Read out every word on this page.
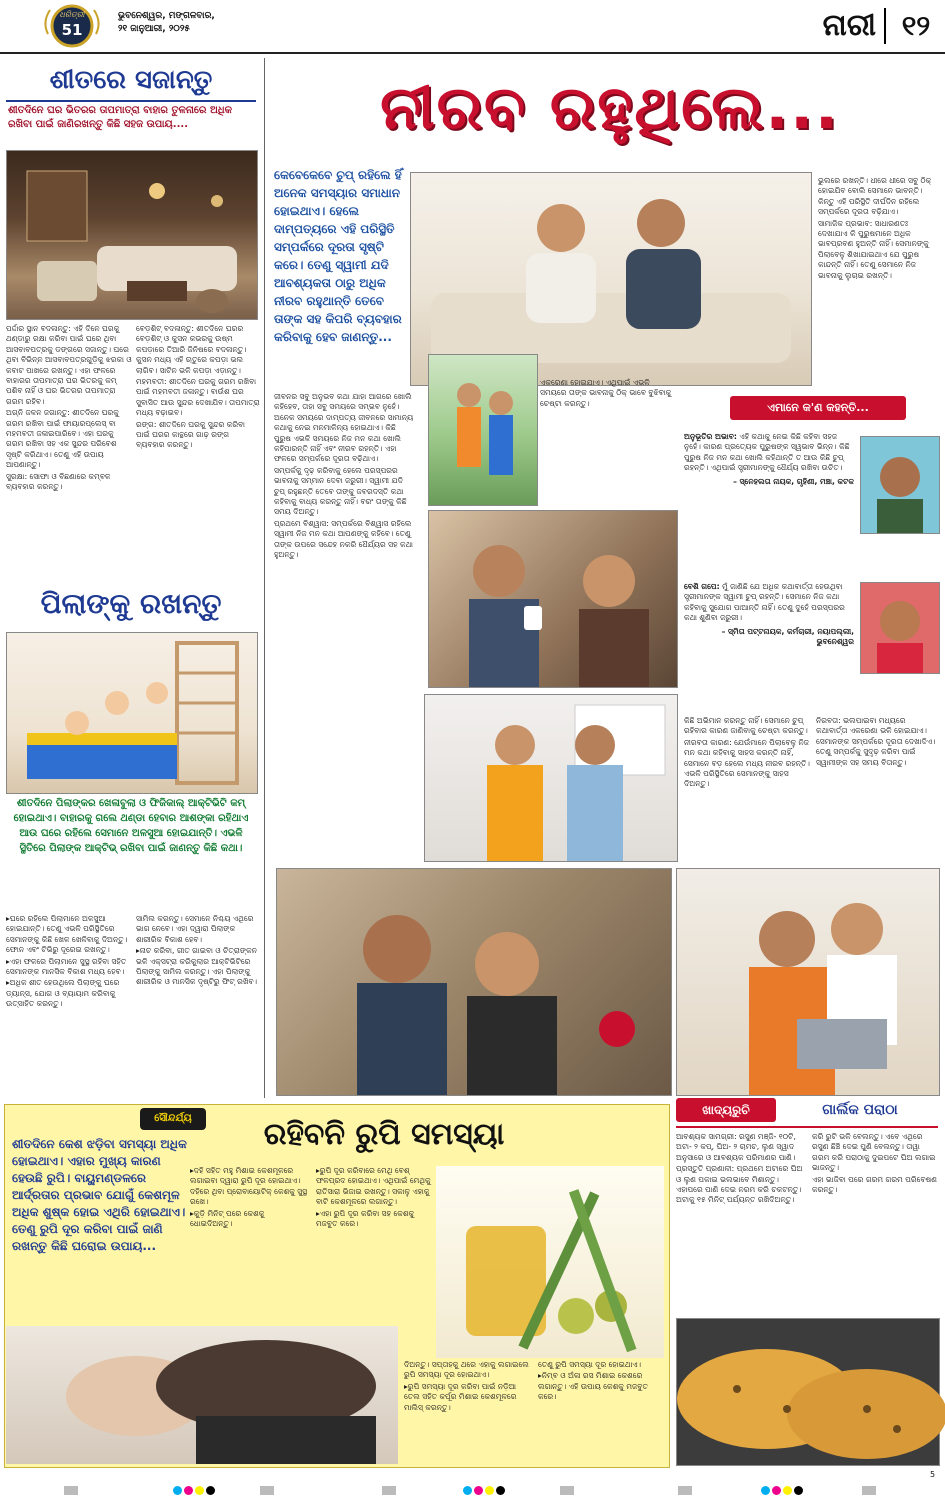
ଧରିତ୍ରୀ
51
ଭୁବନେଶ୍ୱର, ମଙ୍ଗଳବାର,
୨୧ ଜାନୁଆରୀ, ୨୦୨୫	ନାରୀ ୧୨
ଶୀତରେ ସଜାନ୍ତୁ
ଶୀତଦିନେ ଘର ଭିତରର ତାପମାତ୍ରା ବାହାର ତୁଳନାରେ ଅଧିକ ରଖିବା ପାଇଁ ଜାଣିରଖନ୍ତୁ କିଛି ସହଜ ଉପାୟ....

ପର୍ଦ୍ଦାର ସ୍ଥାନ ବଦଳାନ୍ତୁ: ଏହି ଦିନେ ଘରକୁ ଥଣ୍ଡାରୁ ରକ୍ଷା କରିବା ପାଇଁ ଘରେ ଥିବା ଆସବାବପତ୍ରକୁ ଡଙ୍ଗରେ ସଜାନ୍ତୁ। ଘରେ ଥିବା ବିଭିନ୍ନ ଆସବାବପତ୍ରଗୁଡ଼ିକୁ ଝରକା ଓ କବାଟ ପାଖରେ ରଖନ୍ତୁ। ଏହା ଫଳରେ ବାହାରର ତାପମାତ୍ରା ଘର ଭିତରକୁ କମ୍ ପଶିବ ନାହିଁ ଓ ଘର ଭିତରର ତାପମାତ୍ରା ଗରମ ରହିବ।

ଅଗ୍ନି ଜଳନ ଜଗାନ୍ତୁ: ଶୀତଦିନେ ଘରକୁ ଗରମ ରଖିବା ପାଇଁ ଫାୟାରପ୍ଲେସ୍ ବା ମହମବତୀ ଜଳାଇପାରିବେ। ଏହା ଘରକୁ ଗରମ ରଖିବା ସହ ଏକ ସୁନ୍ଦର ପରିବେଶ ସୃଷ୍ଟି କରିଥାଏ। ତେଣୁ ଏହି ଉପାୟ ଆପଣାନ୍ତୁ।

ସୁରକ୍ଷା: ସୋଫା ଓ ବିଛଣାରେ କମ୍ବଳ ବ୍ୟବହାର କରନ୍ତୁ।

ବେଡ଼ଶିଟ୍ ବଦଳାନ୍ତୁ: ଶୀତଦିନେ ଘରର ବେଡ଼ଶିଟ୍ ଓ କୁସନ କଭରକୁ ଉଷ୍ମ କପଡ଼ାରେ ତିଆରି ଜିନିଷରେ ବଦଳାନ୍ତୁ। କୁସନ ମଧ୍ୟ ଏହି ଋତୁରେ କପଡ଼ା ଭଲ ଲାଗିବ। ସାଟିନ ଭଳି କପଡ଼ା ଏଡ଼ାନ୍ତୁ।

ମହମବତୀ: ଶୀତଦିନେ ଘରକୁ ଗରମ ରଖିବା ପାଇଁ ମହମବତୀ ଜଳାନ୍ତୁ। ବାଉଁଶ ଘର ସୁବାସିତ ଆଉ ସୁନ୍ଦର ଦେଖାଯିବ। ତାପମାତ୍ରା ମଧ୍ୟ ବଢ଼ାଇବ।

ରଙ୍ଗ: ଶୀତଦିନେ ଘରକୁ ସୁନ୍ଦର କରିବା ପାଇଁ ଘରର କାନ୍ଥରେ ଗାଢ଼ ରଙ୍ଗ ବ୍ୟବହାର କରନ୍ତୁ।

ପିଲାଙ୍କୁ ରଖନ୍ତୁ
ଶୀତଦିନେ ପିଲାଙ୍କର ଖେଳାବୁଲା ଓ ଫିଜିକାଲ୍ ଆକ୍ଟିଭିଟି କମ୍ ହୋଇଥାଏ। ବାହାରକୁ ଗଲେ ଥଣ୍ଡା ହେବାର ଆଶଙ୍କା ରହିଥାଏ ଆଉ ଘରେ ରହିଲେ ସେମାନେ ଅଳସୁଆ ହୋଇଯାନ୍ତି। ଏଭଳି ସ୍ଥିତିରେ ପିଲାଙ୍କ ଆକ୍ଟିଭ୍ ରଖିବା ପାଇଁ ଜାଣନ୍ତୁ କିଛି କଥା।

▸ଘରେ ରହିଲେ ପିଲାମାନେ ଅଳସୁଆ ହୋଇଯାନ୍ତି। ତେଣୁ ଏଭଳି ପରିସ୍ଥିତିରେ ସେମାନଙ୍କୁ କିଛି ଖେଳ ଖେଳିବାକୁ ଦିଅନ୍ତୁ। ଫୋନ ଏବଂ ଟିଭିରୁ ଦୂରେଇ ରଖନ୍ତୁ।

▸ଏହା ଫଳରେ ପିଲାମାନେ ସୁସ୍ଥ ରହିବା ସହିତ ସେମାନଙ୍କ ମାନସିକ ବିକାଶ ମଧ୍ୟ ହେବ।

▸ଅଧିକ ଶୀତ ହେଉଥିଲେ ପିଲାଙ୍କୁ ଘରେ ଡ୍ୟାନ୍ସ, ଯୋଗ ଓ ବ୍ୟାୟାମ କରିବାକୁ ଉତ୍ସାହିତ କରନ୍ତୁ।

ସାମିଲ କରନ୍ତୁ। ସେମାନେ ନିଶ୍ଚୟ ଏଥିରେ ଭାଗ ନେବେ। ଏହା ଦ୍ୱାରା ପିଲାଙ୍କ ଶାରୀରିକ ବିକାଶ ହେବ।

▸ନାଚ କରିବା, ଗୀତ ଗାଇବା ଓ ଚିତ୍ରାଙ୍କନ ଭଳି ଏକ୍ସଟ୍ରା କରିକୁଲାର ଆକ୍ଟିଭିଟିରେ ପିଲାଙ୍କୁ ସାମିଲ କରନ୍ତୁ। ଏହା ପିଲାଙ୍କୁ ଶାରୀରିକ ଓ ମାନସିକ ଦୃଷ୍ଟିରୁ ଫିଟ୍ ରଖିବ।

ନୀରବ ରହୁଥିଲେ...
କେବେକେବେ ଚୁପ୍ ରହିଲେ ହିଁ ଅନେକ ସମସ୍ୟାର ସମାଧାନ ହୋଇଥାଏ। ହେଲେ ଦାମ୍ପତ୍ୟରେ ଏହି ପରିସ୍ଥିତି ସମ୍ପର୍କରେ ଦୂରତା ସୃଷ୍ଟି କରେ। ତେଣୁ ସ୍ୱାମୀ ଯଦି ଆବଶ୍ୟକତା ଠାରୁ ଅଧିକ ନୀରବ ରହୁଥାନ୍ତି ତେବେ ତାଙ୍କ ସହ କିପରି ବ୍ୟବହାର କରିବାକୁ ହେବ ଜାଣନ୍ତୁ...

ଜୀବନର ସବୁ ଅନୁଭବ କଥା ଯାହା ଆଗରେ ଖୋଲି କହିହେବ, ତାହା ସବୁ ସମୟରେ ସମ୍ଭବ ନୁହେଁ। ଅନେକ ସମୟରେ ଦାମ୍ପତ୍ୟ ଜୀବନରେ ସାମାନ୍ୟ କଥାକୁ ନେଇ ମନମାଳିନ୍ୟ ହୋଇଥାଏ। କିଛି ପୁରୁଷ ଏଭଳି ସମୟରେ ନିଜ ମନ କଥା ଖୋଲି କହିପାରନ୍ତି ନାହିଁ ଏବଂ ନୀରବ ରହନ୍ତି। ଏହା ଫଳରେ ସମ୍ପର୍କରେ ଦୂରତା ବଢ଼ିଥାଏ।

ସମ୍ପର୍କକୁ ଦୃଢ଼ କରିବାକୁ ହେଲେ ପରସ୍ପରର ଭାବନାକୁ ସମ୍ମାନ ଦେବା ଜରୁରୀ। ସ୍ୱାମୀ ଯଦି ଚୁପ୍ ରହୁଛନ୍ତି ତେବେ ତାଙ୍କୁ ଜବରଦସ୍ତି କଥା କହିବାକୁ ବାଧ୍ୟ କରନ୍ତୁ ନାହିଁ। ବରଂ ତାଙ୍କୁ କିଛି ସମୟ ଦିଅନ୍ତୁ।

ପ୍ରଥମେ ବିଶ୍ୱାସ: ସମ୍ପର୍କରେ ବିଶ୍ୱାସ ରହିଲେ ସ୍ୱାମୀ ନିଜ ମନ କଥା ଆପଣଙ୍କୁ କହିବେ। ତେଣୁ ତାଙ୍କ ଉପରେ ସନ୍ଦେହ ନକରି ଧୈର୍ଯ୍ୟର ସହ କଥା ହୁଅନ୍ତୁ।

ଏକରେଣା ହୋଇଯାଏ। ଏଥିପାଇଁ ଏଭଳି ସମୟରେ ତାଙ୍କ ଭାବନାକୁ ଠିକ୍ ଭାବେ ବୁଝିବାକୁ ଚେଷ୍ଟା କରନ୍ତୁ।

ଭୁଲରେ ରଖନ୍ତି। ଧୀରେ ଧୀରେ ସବୁ ଠିକ୍ ହୋଇଯିବ ବୋଲି ସେମାନେ ଭାବନ୍ତି। କିନ୍ତୁ ଏହି ପରିସ୍ଥିତି ଦୀର୍ଘଦିନ ରହିଲେ ସମ୍ପର୍କରେ ଦୂରତା ବଢ଼ିଯାଏ।

ସାମାଜିକ ପ୍ରଭାବ: ସାଧାରଣତଃ ଦେଖାଯାଏ କି ପୁରୁଷମାନେ ଅଧିକ ଭାବପ୍ରବଣ ହୁଅନ୍ତି ନାହିଁ। ସେମାନଙ୍କୁ ପିଲାବେଳୁ ଶିଖାଯାଇଥାଏ ଯେ ପୁରୁଷ କାନ୍ଦନ୍ତି ନାହିଁ। ତେଣୁ ସେମାନେ ନିଜ ଭାବନାକୁ ଲୁଚାଇ ରଖନ୍ତି।

ଏମାନେ କ'ଣ କହନ୍ତି...
ଅନୁଭୂତିର ଅଭାବ: ଏହି କଥାକୁ ନେଇ କିଛି କହିବା ସହଜ ନୁହେଁ। କାରଣ ପ୍ରତ୍ୟେକ ପୁରୁଷଙ୍କ ସ୍ୱଭାବ ଭିନ୍ନ। କିଛି ପୁରୁଷ ନିଜ ମନ କଥା ଖୋଲି କହିଥାନ୍ତି ତ ଆଉ କିଛି ଚୁପ୍ ରହନ୍ତି। ଏଥିପାଇଁ ସ୍ତ୍ରୀମାନଙ୍କୁ ଧୈର୍ଯ୍ୟ ରଖିବା ଉଚିତ।
– ସ୍ନେହଲତା ନାୟକ, ଗୃହିଣୀ, ମଞ୍ଚା, କଟକ
ବେଶି ଗପେ: ମୁଁ ଜାଣିଛି ଯେ ଅଧିକ କଥାବାର୍ତ୍ତା ହେଉଥିବା ସ୍ତ୍ରୀମାନଙ୍କ ସ୍ୱାମୀ ଚୁପ୍ ରହନ୍ତି। ସେମାନେ ନିଜ କଥା କହିବାକୁ ସୁଯୋଗ ପାଆନ୍ତି ନାହିଁ। ତେଣୁ ଦୁହେଁ ପରସ୍ପରର କଥା ଶୁଣିବା ଜରୁରୀ।
– ସ୍ମିତା ପଟ୍ଟନାୟକ, କର୍ମଚାରୀ, ନୟାପଲ୍ଲୀ, ଭୁବନେଶ୍ୱର

କିଛି ଅଭିମାନ କରନ୍ତୁ ନାହିଁ। ସେମାନେ ଚୁପ୍ ରହିବାର କାରଣ ଜାଣିବାକୁ ଚେଷ୍ଟା କରନ୍ତୁ।

ନୀରବତା କାରଣ: ଯେଉଁମାନେ ପିଲାବେଳୁ ନିଜ ମନ କଥା କହିବାକୁ ସାହସ କରନ୍ତି ନାହିଁ, ସେମାନେ ବଡ଼ ହେଲେ ମଧ୍ୟ ନୀରବ ରହନ୍ତି। ଏଭଳି ପରିସ୍ଥିତିରେ ସେମାନଙ୍କୁ ସାହସ ଦିଅନ୍ତୁ।

ନିରବତା: ଭଲପାଇବା ମଧ୍ୟରେ କଥାବାର୍ତ୍ତା ଏକରେଣା ଭଳି ହୋଇଯାଏ। ସେମାନଙ୍କ ସମ୍ପର୍କରେ ଦୂରତା ଦେଖାଦିଏ। ତେଣୁ ସମ୍ପର୍କକୁ ସୁଦୃଢ଼ କରିବା ପାଇଁ ସ୍ୱାମୀଙ୍କ ସହ ସମୟ ବିତାନ୍ତୁ।

ସୌନ୍ଦର୍ଯ୍ୟ	ରହିବନି ରୁପି ସମସ୍ୟା
ଶୀତଦିନେ କେଶ ଝଡ଼ିବା ସମସ୍ୟା ଅଧିକ ହୋଇଥାଏ। ଏହାର ମୁଖ୍ୟ କାରଣ ହେଉଛି ରୁପି। ବାୟୁମଣ୍ଡଳରେ ଆର୍ଦ୍ରତାର ପ୍ରଭାବ ଯୋଗୁଁ କେଶମୂଳ ଅଧିକ ଶୁଷ୍କ ହୋଇ ଏଥିରି ହୋଇଥାଏ। ତେଣୁ ରୁପି ଦୂର କରିବା ପାଇଁ ଜାଣି ରଖନ୍ତୁ କିଛି ଘରୋଇ ଉପାୟ...

▸ଦହି ସହିତ ମହୁ ମିଶାଇ କେଶମୂଳରେ ଲଗାଇବା ଦ୍ୱାରା ରୁପି ଦୂର ହୋଇଥାଏ। ଦହିରେ ଥିବା ପ୍ରୋବାୟୋଟିକ୍ କେଶକୁ ସୁସ୍ଥ ରଖେ।

▸କୁଡ଼ି ମିନିଟ୍ ପରେ କେଶକୁ ଧୋଇଦିଅନ୍ତୁ।

▸ରୁପି ଦୂର କରିବାରେ ମେଥି ବେଶ୍ ଫଳପ୍ରଦ ହୋଇଥାଏ। ଏଥିପାଇଁ ମେଥିକୁ ରାତିସାରା ଭିଜାଇ ରଖନ୍ତୁ। ସକାଳୁ ଏହାକୁ ବାଟି କେଶମୂଳରେ ଲଗାନ୍ତୁ।

▸ଏହା ରୁପି ଦୂର କରିବା ସହ କେଶକୁ ମଜବୁତ କରେ।

ଦିଅନ୍ତୁ। ସପ୍ତାହକୁ ଥରେ ଏହାକୁ ଲଗାଇଲେ ରୁପି ସମସ୍ୟା ଦୂର ହୋଇଥାଏ।

▸ରୁପି ସମସ୍ୟା ଦୂର କରିବା ପାଇଁ ନଡ଼ିଆ ତେଲ ସହିତ କର୍ପୂର ମିଶାଇ କେଶମୂଳରେ ମାଲିସ୍ କରନ୍ତୁ।

ତେଣୁ ରୁପି ସମସ୍ୟା ଦୂର ହୋଇଥାଏ।

▸ନିମ୍ବ ଓ ଅଁଳା ରସ ମିଶାଇ କେଶରେ ଲଗାନ୍ତୁ। ଏହି ଉପାୟ କେଶକୁ ମଜବୁତ କରେ।

ଖାଦ୍ୟରୁଚି	ଗାର୍ଲିକ ପରାଠା

ଆବଶ୍ୟକ ସାମଗ୍ରୀ: ରସୁଣ ମଞ୍ଜି- ୧୦ଟି, ଅଟା- ୨ କପ୍, ଘିଅ- ୨ ଚାମଚ, ଲୁଣ ସ୍ୱାଦ ଅନୁସାରେ ଓ ଆବଶ୍ୟକ ପରିମାଣର ପାଣି।

ପ୍ରସ୍ତୁତି ପ୍ରଣାଳୀ: ପ୍ରଥମେ ଅଟାରେ ଘିଅ ଓ ଲୁଣ ପକାଇ ଭଲଭାବେ ମିଶାନ୍ତୁ। ଏହାପରେ ପାଣି ଦେଇ ନରମ କରି ଚକଟନ୍ତୁ। ଅଟାକୁ ୧୫ ମିନିଟ୍ ପର୍ଯ୍ୟନ୍ତ ରଖିଦିଅନ୍ତୁ।

କରି ରୁଟି ଭଳି ବେଲନ୍ତୁ। ଏବେ ଏଥିରେ ରସୁଣ ଛିଞ୍ଚି ଦେଇ ପୁଣି ବେଲନ୍ତୁ। ତାୱା ଗରମ କରି ପରାଠାକୁ ଦୁଇପଟେ ଘିଅ ଲଗାଇ ଭାଜନ୍ତୁ।

ଏହା ଭାଜିବା ପରେ ଗରମ ଗରମ ପରିବେଷଣ କରନ୍ତୁ।

5
